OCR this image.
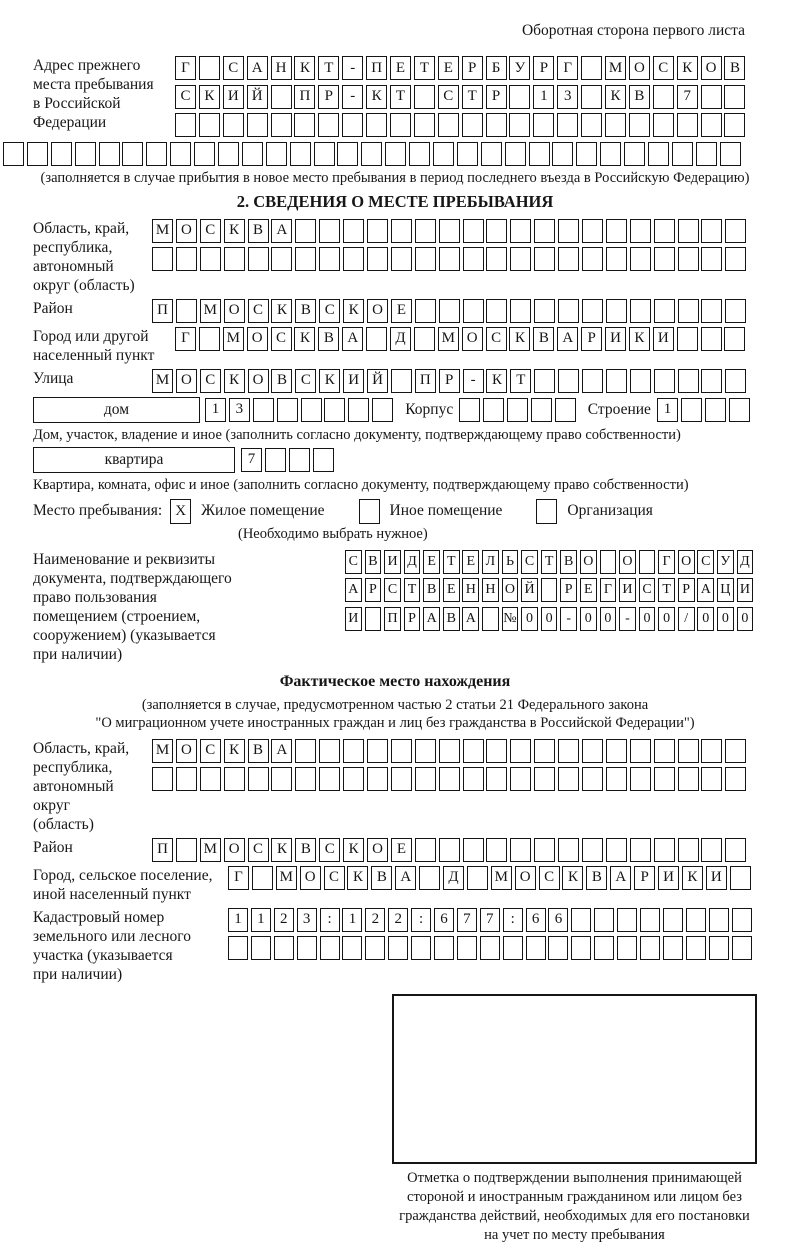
Оборотная сторона первого листа
Адрес прежнего
места пребывания
в Российской
Федерации
Г	С А Н К Т	-	П Е Т Е	Р	Б У Р	Г	М О С К О В
С К И Й	П Р	-	К Т	С Т	Р	1	3	К В	7
(заполняется в случае прибытия в новое место пребывания в период последнего въезда в Российскую Федерацию)
2. СВЕДЕНИЯ О МЕСТЕ ПРЕБЫВАНИЯ
Область, край,
республика,
автономный
округ (область)
М О С К В А
Район	П	М О С К В С К О Е
Город или другой
населенный пункт
Г	М О С К В А	Д	М О С К В А Р И К И
Улица	М О С К О В С К И Й	П Р	-	К Т
дом	1	3	Корпус	Строение 1
Дом, участок, владение и иное (заполнить согласно документу, подтверждающему право собственности)
квартира	7
Квартира, комната, офис и иное (заполнить согласно документу, подтверждающему право собственности)
Место пребывания: X Жилое помещение	Иное помещение	Организация
(Необходимо выбрать нужное)
Наименование и реквизиты
документа, подтверждающего
право пользования
помещением (строением,
сооружением) (указывается
при наличии)
С В И Д Е Т Е Л Ь С Т В О О	Г О С У Д
А Р С Т В Е Н Н О Й	Р Е Г И С Т Р А Ц И
И П Р А В А № 0 0 - 0 0 - 0 0	/	0 0 0
Фактическое место нахождения
(заполняется в случае, предусмотренном частью 2 статьи 21 Федерального закона
"О миграционном учете иностранных граждан и лиц без гражданства в Российской Федерации")
Область, край,
республика,
автономный округ
(область)
М О С К В А
Район	П	М О С К В С К О Е
Город, сельское поселение,
иной населенный пункт
Г	М О С К В А	Д	М О С К В А Р И К И
Кадастровый номер
земельного или лесного
участка (указывается
при наличии)
1	1	2	3	:	1	2	2	:	6	7	7	:	6	6
Отметка о подтверждении выполнения принимающей стороной и иностранным гражданином или лицом без гражданства действий, необходимых для его постановки на учет по месту пребывания
